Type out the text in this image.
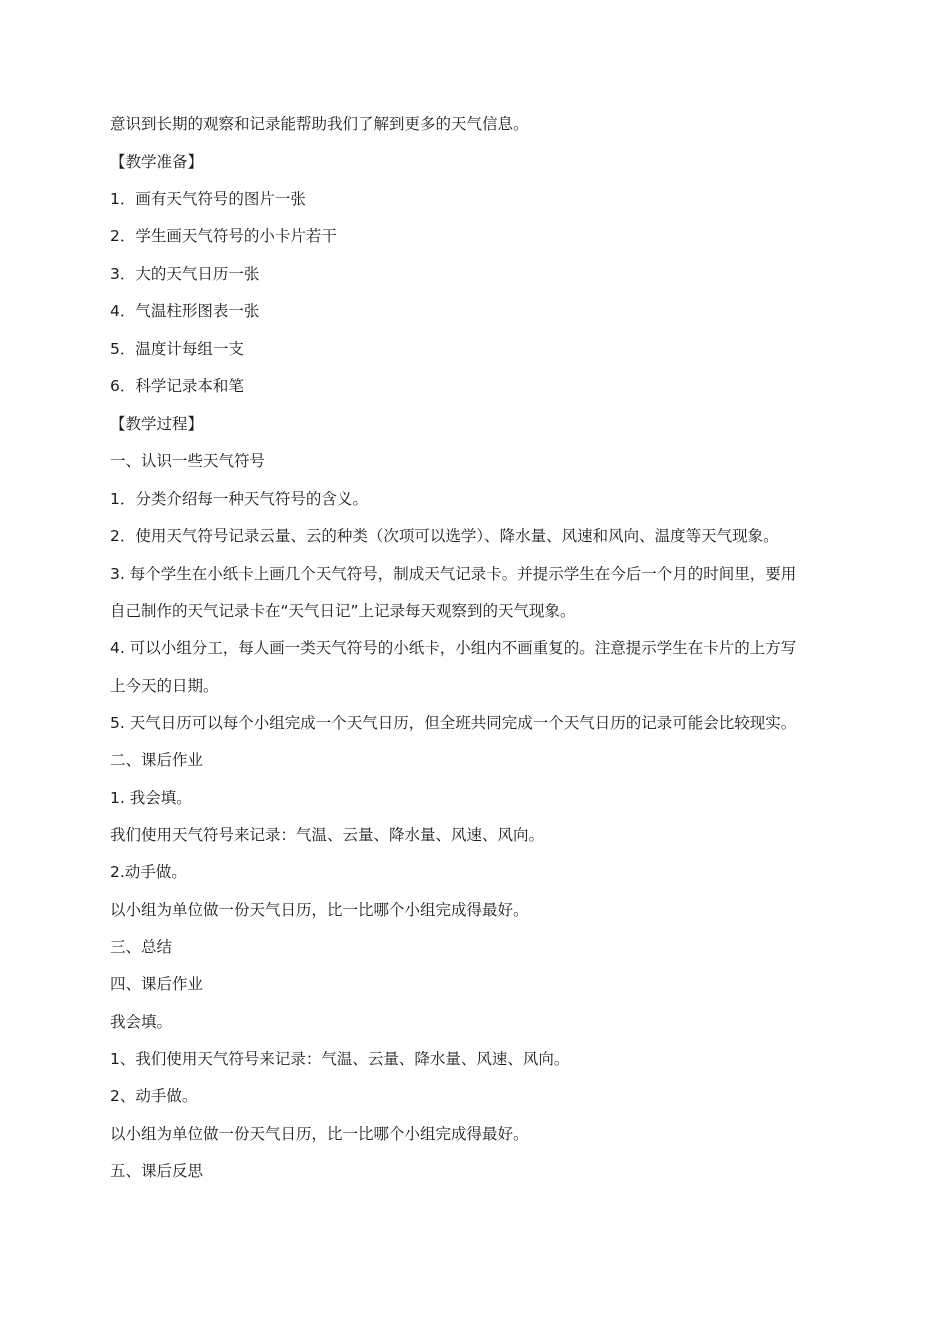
意识到长期的观察和记录能帮助我们了解到更多的天气信息。
【教学准备】
1．画有天气符号的图片一张
2．学生画天气符号的小卡片若干
3．大的天气日历一张
4．气温柱形图表一张
5．温度计每组一支
6．科学记录本和笔
【教学过程】
一、认识一些天气符号
1．分类介绍每一种天气符号的含义。
2．使用天气符号记录云量、云的种类（次项可以选学）、降水量、风速和风向、温度等天气现象。
3. 每个学生在小纸卡上画几个天气符号，制成天气记录卡。并提示学生在今后一个月的时间里，要用
自己制作的天气记录卡在“天气日记”上记录每天观察到的天气现象。
4. 可以小组分工，每人画一类天气符号的小纸卡，小组内不画重复的。注意提示学生在卡片的上方写
上今天的日期。
5. 天气日历可以每个小组完成一个天气日历，但全班共同完成一个天气日历的记录可能会比较现实。
二、课后作业
1. 我会填。
我们使用天气符号来记录：气温、云量、降水量、风速、风向。
2.动手做。
以小组为单位做一份天气日历，比一比哪个小组完成得最好。
三、总结
四、课后作业
我会填。
1、我们使用天气符号来记录：气温、云量、降水量、风速、风向。
2、动手做。
以小组为单位做一份天气日历，比一比哪个小组完成得最好。
五、课后反思
